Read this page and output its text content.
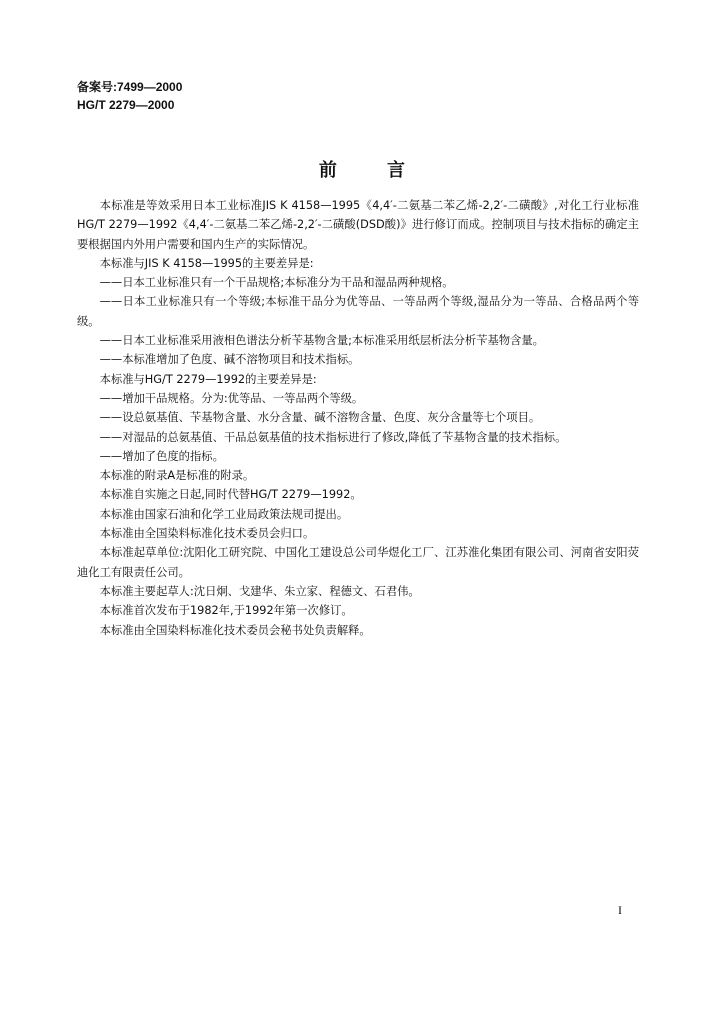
备案号:7499—2000
HG/T 2279—2000
前        言

本标准是等效采用日本工业标准JIS K 4158—1995《4,4′-二氨基二苯乙烯-2,2′-二磺酸》,对化工行业标准HG/T 2279—1992《4,4′-二氨基二苯乙烯-2,2′-二磺酸(DSD酸)》进行修订而成。控制项目与技术指标的确定主要根据国内外用户需要和国内生产的实际情况。

本标准与JIS K 4158—1995的主要差异是:

——日本工业标准只有一个干品规格;本标准分为干品和湿品两种规格。

——日本工业标准只有一个等级;本标准干品分为优等品、一等品两个等级,湿品分为一等品、合格品两个等级。

——日本工业标准采用液相色谱法分析苄基物含量;本标准采用纸层析法分析苄基物含量。

——本标准增加了色度、碱不溶物项目和技术指标。

本标准与HG/T 2279—1992的主要差异是:

——增加干品规格。分为:优等品、一等品两个等级。

——设总氨基值、苄基物含量、水分含量、碱不溶物含量、色度、灰分含量等七个项目。

——对湿品的总氨基值、干品总氨基值的技术指标进行了修改,降低了苄基物含量的技术指标。

——增加了色度的指标。

本标准的附录A是标准的附录。

本标准自实施之日起,同时代替HG/T 2279—1992。

本标准由国家石油和化学工业局政策法规司提出。

本标准由全国染料标准化技术委员会归口。

本标准起草单位:沈阳化工研究院、中国化工建设总公司华煜化工厂、江苏淮化集团有限公司、河南省安阳荧迪化工有限责任公司。

本标准主要起草人:沈日炯、戈建华、朱立家、程德文、石君伟。

本标准首次发布于1982年,于1992年第一次修订。

本标准由全国染料标准化技术委员会秘书处负责解释。

I
